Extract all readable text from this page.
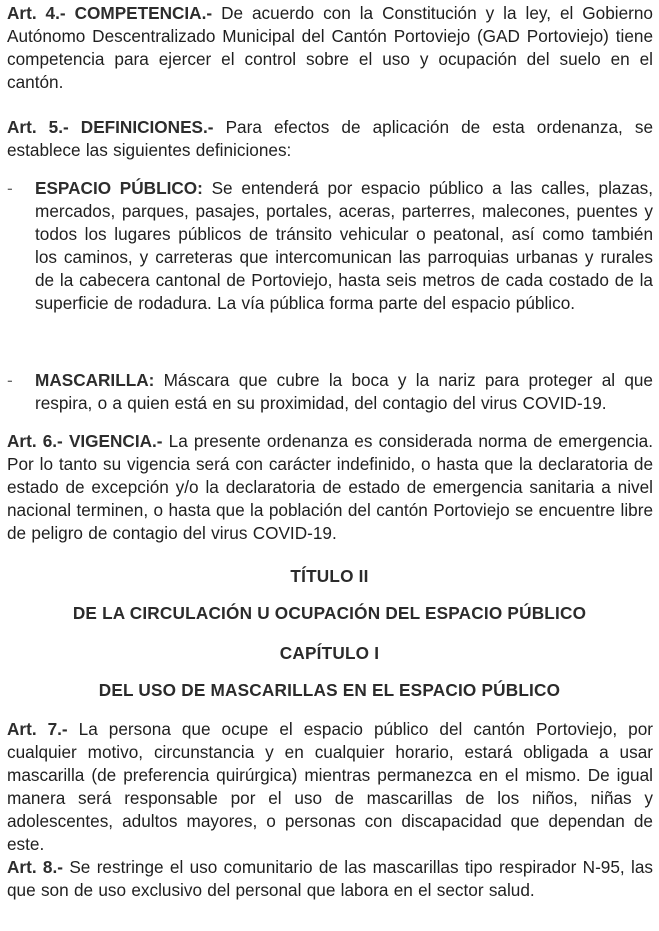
Art. 4.- COMPETENCIA.- De acuerdo con la Constitución y la ley, el Gobierno Autónomo Descentralizado Municipal del Cantón Portoviejo (GAD Portoviejo) tiene competencia para ejercer el control sobre el uso y ocupación del suelo en el cantón.

Art. 5.- DEFINICIONES.- Para efectos de aplicación de esta ordenanza, se establece las siguientes definiciones:

- ESPACIO PÚBLICO: Se entenderá por espacio público a las calles, plazas, mercados, parques, pasajes, portales, aceras, parterres, malecones, puentes y todos los lugares públicos de tránsito vehicular o peatonal, así como también los caminos, y carreteras que intercomunican las parroquias urbanas y rurales de la cabecera cantonal de Portoviejo, hasta seis metros de cada costado de la superficie de rodadura. La vía pública forma parte del espacio público.

- MASCARILLA: Máscara que cubre la boca y la nariz para proteger al que respira, o a quien está en su proximidad, del contagio del virus COVID-19.

Art. 6.- VIGENCIA.- La presente ordenanza es considerada norma de emergencia. Por lo tanto su vigencia será con carácter indefinido, o hasta que la declaratoria de estado de excepción y/o la declaratoria de estado de emergencia sanitaria a nivel nacional terminen, o hasta que la población del cantón Portoviejo se encuentre libre de peligro de contagio del virus COVID-19.

TÍTULO II
DE LA CIRCULACIÓN U OCUPACIÓN DEL ESPACIO PÚBLICO
CAPÍTULO I
DEL USO DE MASCARILLAS EN EL ESPACIO PÚBLICO

Art. 7.- La persona que ocupe el espacio público del cantón Portoviejo, por cualquier motivo, circunstancia y en cualquier horario, estará obligada a usar mascarilla (de preferencia quirúrgica) mientras permanezca en el mismo. De igual manera será responsable por el uso de mascarillas de los niños, niñas y adolescentes, adultos mayores, o personas con discapacidad que dependan de este.

Art. 8.- Se restringe el uso comunitario de las mascarillas tipo respirador N-95, las que son de uso exclusivo del personal que labora en el sector salud.
